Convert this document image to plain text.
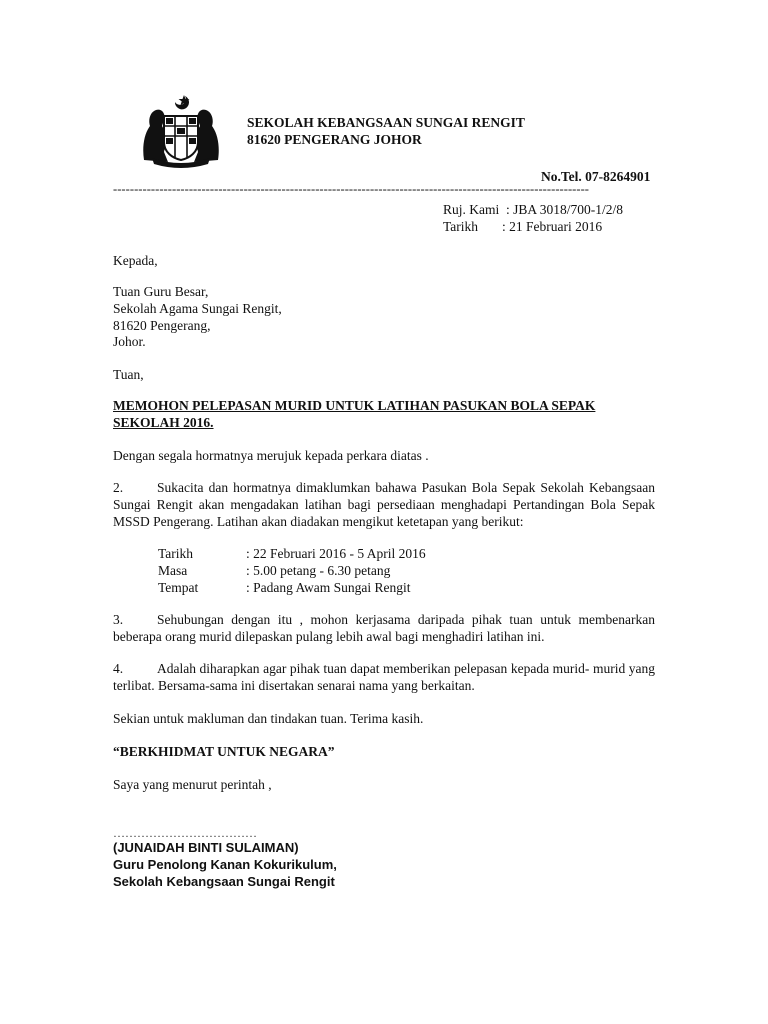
SEKOLAH KEBANGSAAN SUNGAI RENGIT
81620 PENGERANG JOHOR
No.Tel. 07-8264901
-----------------------------------------------------------------------------------------------------------------
Ruj. Kami : JBA 3018/700-1/2/8
Tarikh : 21 Februari 2016
Kepada,
Tuan Guru Besar,
Sekolah Agama Sungai Rengit,
81620 Pengerang,
Johor.
Tuan,
MEMOHON PELEPASAN MURID UNTUK LATIHAN PASUKAN BOLA SEPAK
SEKOLAH 2016.
Dengan segala hormatnya merujuk kepada perkara diatas .
2.	Sukacita dan hormatnya dimaklumkan bahawa Pasukan Bola Sepak Sekolah Kebangsaan Sungai Rengit akan mengadakan latihan bagi persediaan menghadapi Pertandingan Bola Sepak MSSD Pengerang. Latihan akan diadakan mengikut ketetapan yang berikut:
Tarikh	: 22 Februari 2016 - 5 April 2016
Masa	: 5.00 petang - 6.30 petang
Tempat	: Padang Awam Sungai Rengit
3.	Sehubungan dengan itu , mohon kerjasama daripada pihak tuan untuk membenarkan beberapa orang murid dilepaskan pulang lebih awal bagi menghadiri latihan ini.
4.	Adalah diharapkan agar pihak tuan dapat memberikan pelepasan kepada murid- murid yang terlibat. Bersama-sama ini disertakan senarai nama yang berkaitan.
Sekian untuk makluman dan tindakan tuan. Terima kasih.
“BERKHIDMAT UNTUK NEGARA”
Saya yang menurut perintah ,
………………………………
(JUNAIDAH BINTI SULAIMAN)
Guru Penolong Kanan Kokurikulum,
Sekolah Kebangsaan Sungai Rengit
